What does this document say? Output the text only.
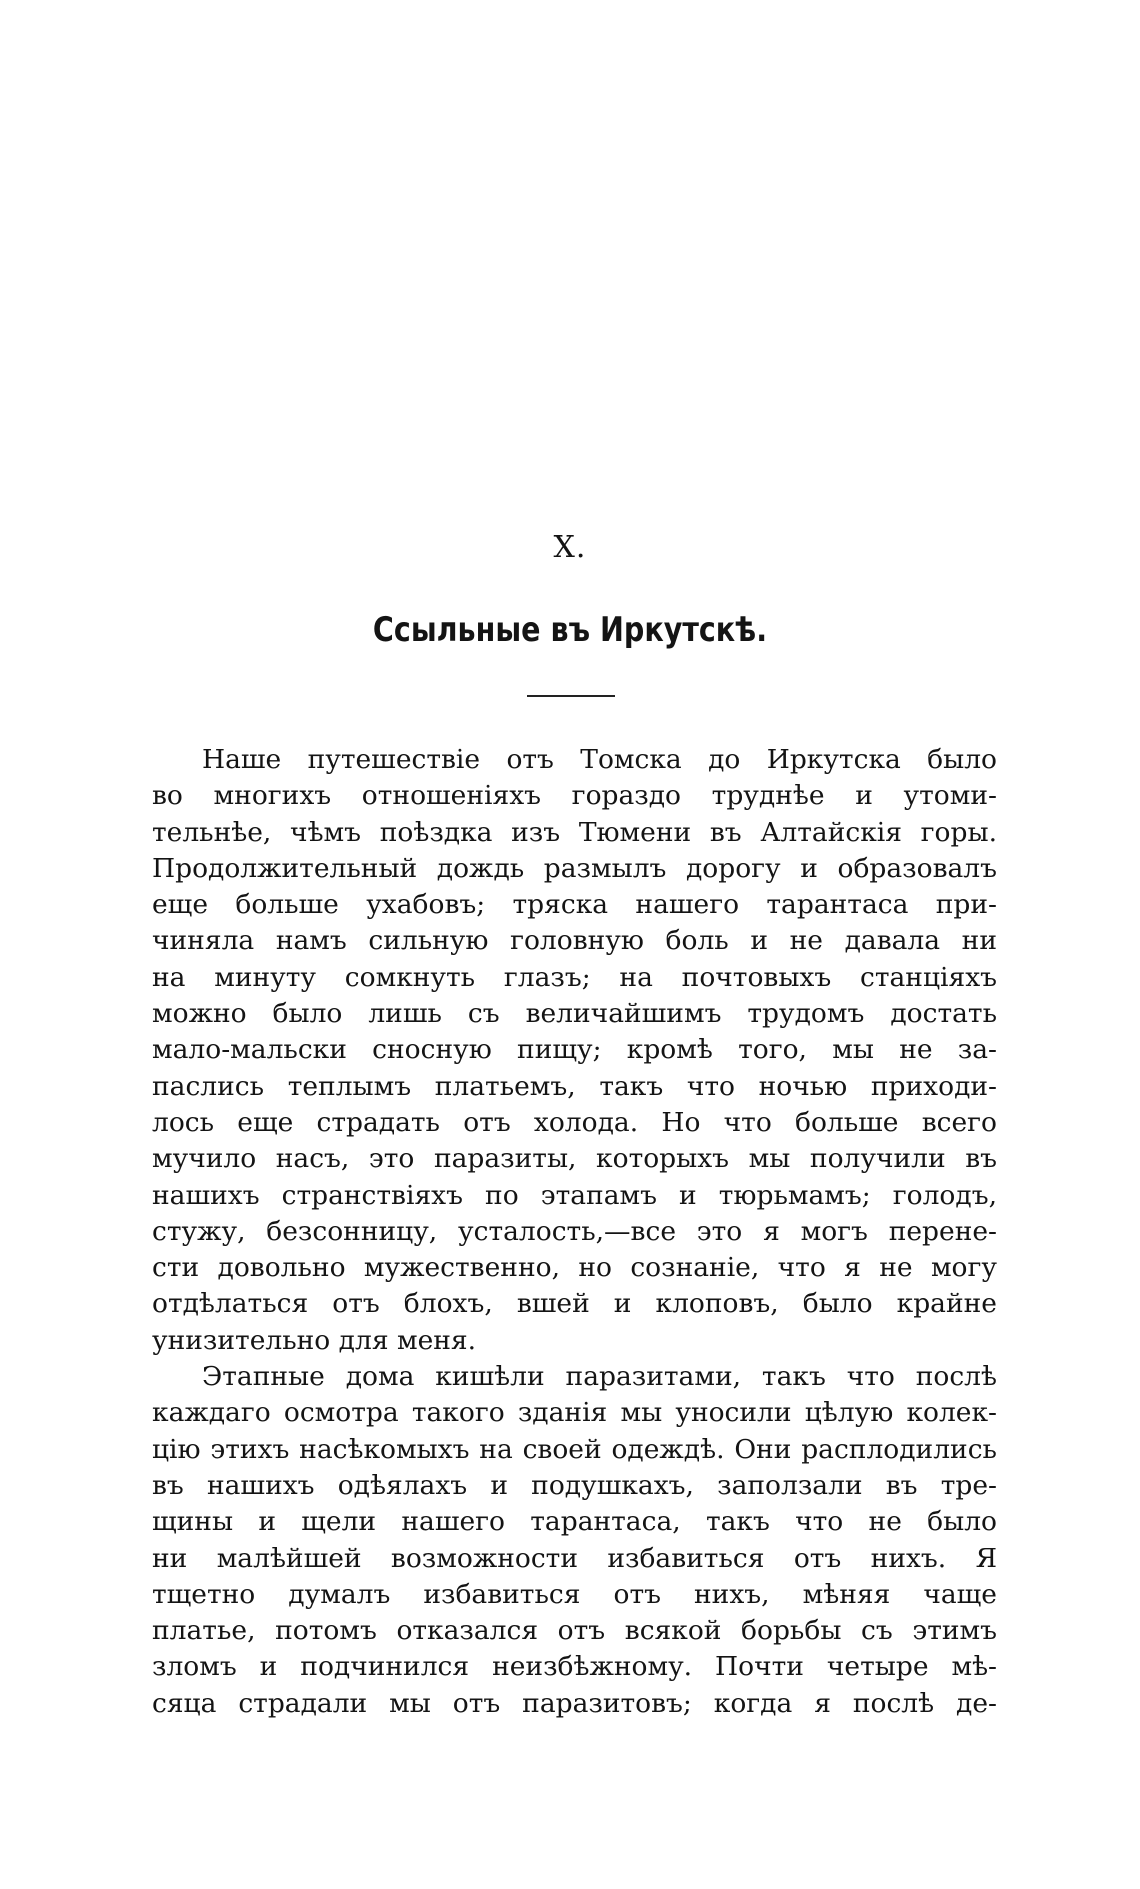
X.
Ссыльные въ Иркутскѣ.
Наше путешествіе отъ Томска до Иркутска было
во многихъ отношеніяхъ гораздо труднѣе и утоми-
тельнѣе, чѣмъ поѣздка изъ Тюмени въ Алтайскія горы.
Продолжительный дождь размылъ дорогу и образовалъ
еще больше ухабовъ; тряска нашего тарантаса при-
чиняла намъ сильную головную боль и не давала ни
на минуту сомкнуть глазъ; на почтовыхъ станціяхъ
можно было лишь съ величайшимъ трудомъ достать
мало-мальски сносную пищу; кромѣ того, мы не за-
паслись теплымъ платьемъ, такъ что ночью приходи-
лось еще страдать отъ холода. Но что больше всего
мучило насъ, это паразиты, которыхъ мы получили въ
нашихъ странствіяхъ по этапамъ и тюрьмамъ; голодъ,
стужу, безсонницу, усталость,—все это я могъ перене-
сти довольно мужественно, но сознаніе, что я не могу
отдѣлаться отъ блохъ, вшей и клоповъ, было крайне
унизительно для меня.
Этапные дома кишѣли паразитами, такъ что послѣ
каждаго осмотра такого зданія мы уносили цѣлую колек-
цію этихъ насѣкомыхъ на своей одеждѣ. Они расплодились
въ нашихъ одѣялахъ и подушкахъ, заползали въ тре-
щины и щели нашего тарантаса, такъ что не было
ни малѣйшей возможности избавиться отъ нихъ. Я
тщетно думалъ избавиться отъ нихъ, мѣняя чаще
платье, потомъ отказался отъ всякой борьбы съ этимъ
зломъ и подчинился неизбѣжному. Почти четыре мѣ-
сяца страдали мы отъ паразитовъ; когда я послѣ де-
